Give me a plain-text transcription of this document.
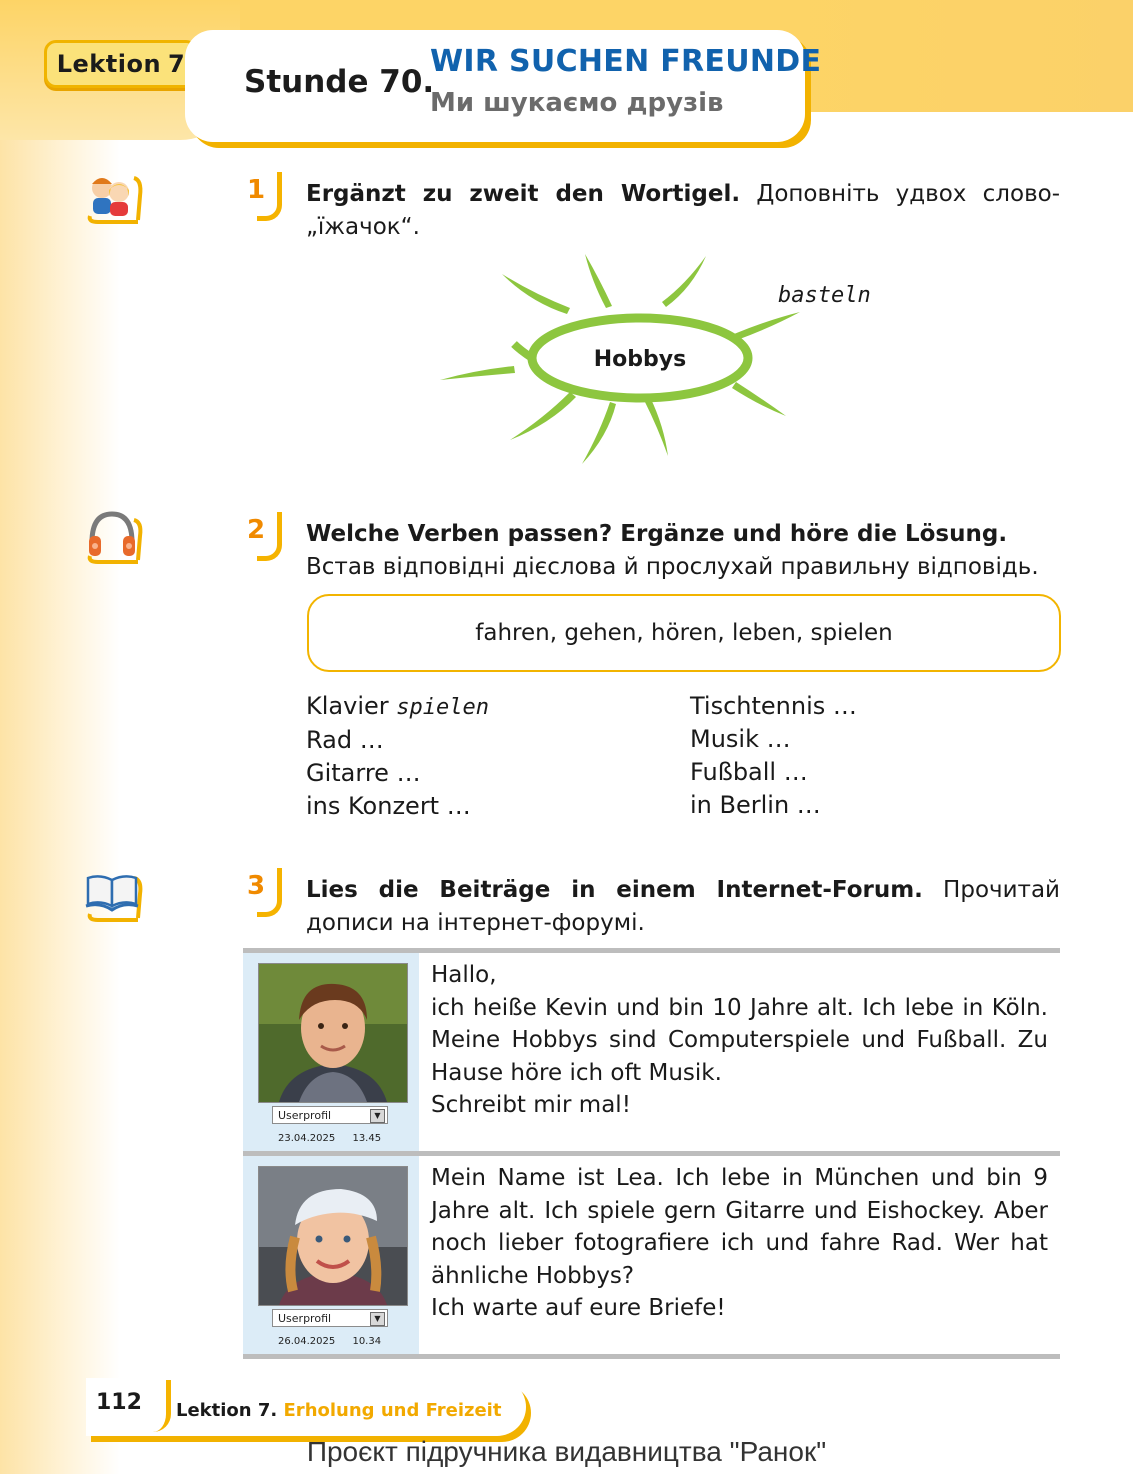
Lektion 7 Stunde 70.
WIR SUCHEN FREUNDE
Ми шукаємо друзів
1	Ergänzt zu zweit den Wortigel. Доповніть удвох слово-„їжачок“.
Hobbys
basteln
2	Welche Verben passen? Ergänze und höre die Lösung.
Встав відповідні дієслова й прослухай правильну відповідь.
fahren, gehen, hören, leben, spielen
Klavier spielen
Rad …
Gitarre …
ins Konzert …
Tischtennis …
Musik …
Fußball …
in Berlin …
3	Lies die Beiträge in einem Internet-Forum. Прочитай дописи на інтернет-форумі.
Userprofil	▼
23.04.2025 13.45

Hallo,

ich heiße Kevin und bin 10 Jahre alt. Ich lebe in Köln. Meine Hobbys sind Computerspiele und Fußball. Zu Hause höre ich oft Musik.

Schreibt mir mal!

Userprofil	▼
26.04.2025 10.34

Mein Name ist Lea. Ich lebe in München und bin 9 Jahre alt. Ich spiele gern Gitarre und Eishockey. Aber noch lieber fotografiere ich und fahre Rad. Wer hat ähnliche Hobbys?

Ich warte auf eure Briefe!

112 Lektion 7. Erholung und Freizeit
Проєкт підручника видавництва "Ранок"
